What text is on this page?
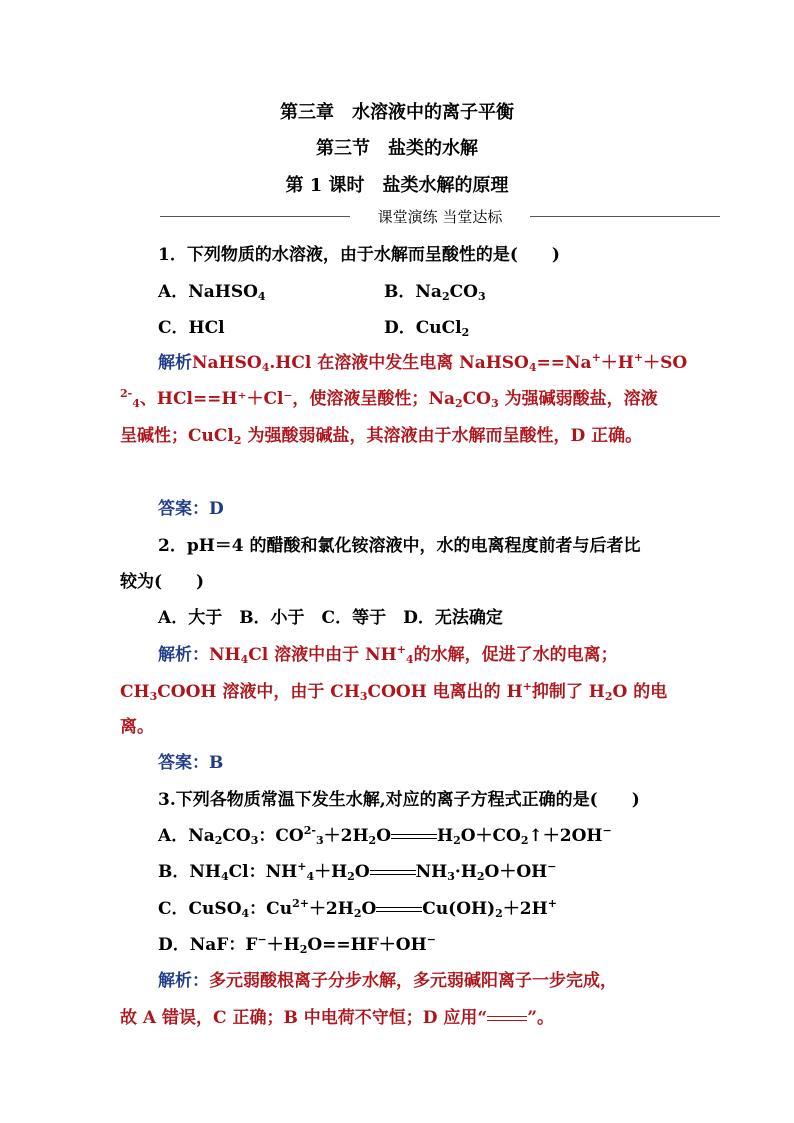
第三章　水溶液中的离子平衡
第三节　盐类的水解
第 1 课时　盐类水解的原理
课堂演练 当堂达标
1．下列物质的水溶液，由于水解而呈酸性的是(　　)
A．NaHSO$_4$	B．$Na_2CO_3$
C．HCl	D．CuCl$_2$
解析NaHSO$_4$.HCl 在溶液中发生电离 NaHSO$_4$==Na+＋H+＋SO
$^{2-}_4$、HCl==H⁺＋Cl⁻，使溶液呈酸性；$Na_2CO_3$ 为强碱弱酸盐，溶液
呈碱性；CuCl$_2$ 为强酸弱碱盐，其溶液由于水解而呈酸性，D 正确。
答案：D
2．pH＝4 的醋酸和氯化铵溶液中，水的电离程度前者与后者比
较为(　　)
A．大于　B．小于　C．等于　D．无法确定
解析：$NH_4Cl$ 溶液中由于 $NH^+_4$的水解，促进了水的电离；
$CH_3COOH$ 溶液中，由于 $CH_3COOH$ 电离出的 H+抑制了 $H_2O$ 的电
离。
答案：B
3.下列各物质常温下发生水解,对应的离子方程式正确的是(　　)
A．$Na_2CO_3$：$CO^{2-}_3+2H_2O$	$H_2O+CO_2↑+2OH^-$
B．$NH_4Cl$：$NH^+_4+H_2O$	$NH_3\cdot H_2O+OH^-$
C．CuSO$_4$：$Cu^{2+}+2H_2O$	$Cu(OH)_2+2H^+$
D．NaF：$F^-+H_2O==HF+OH^-$
解析：多元弱酸根离子分步水解，多元弱碱阳离子一步完成，
故 A 错误，C 正确；B 中电荷不守恒；D 应用“ ”。
